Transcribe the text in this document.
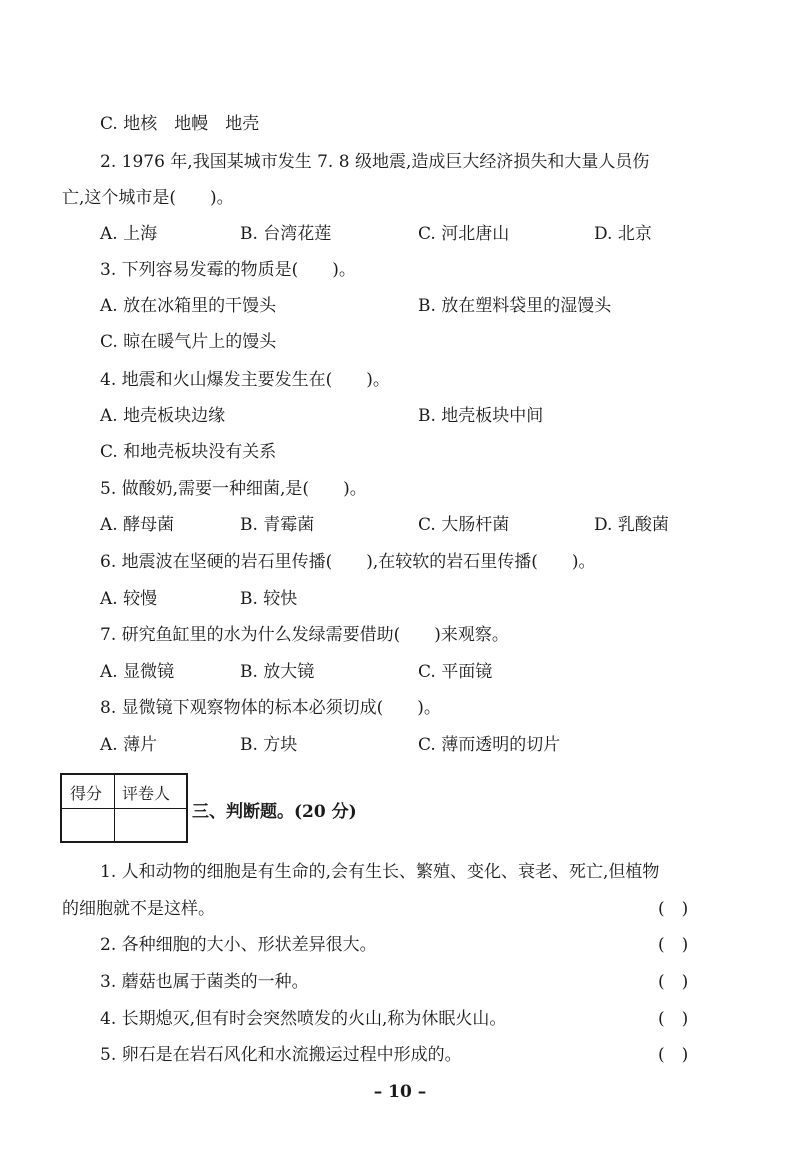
C. 地核　地幔　地壳
2. 1976 年,我国某城市发生 7. 8 级地震,造成巨大经济损失和大量人员伤
亡,这个城市是(　　)。
A. 上海	B. 台湾花莲	C. 河北唐山	D. 北京
3. 下列容易发霉的物质是(　　)。
A. 放在冰箱里的干馒头	B. 放在塑料袋里的湿馒头
C. 晾在暖气片上的馒头
4. 地震和火山爆发主要发生在(　　)。
A. 地壳板块边缘	B. 地壳板块中间
C. 和地壳板块没有关系
5. 做酸奶,需要一种细菌,是(　　)。
A. 酵母菌	B. 青霉菌	C. 大肠杆菌	D. 乳酸菌
6. 地震波在坚硬的岩石里传播(　　),在较软的岩石里传播(　　)。
A. 较慢	B. 较快
7. 研究鱼缸里的水为什么发绿需要借助(　　)来观察。
A. 显微镜	B. 放大镜	C. 平面镜
8. 显微镜下观察物体的标本必须切成(　　)。
A. 薄片	B. 方块	C. 薄而透明的切片
得分 评卷人
三、判断题。(20 分)
1. 人和动物的细胞是有生命的,会有生长、繁殖、变化、衰老、死亡,但植物
的细胞就不是这样。	(　)
2. 各种细胞的大小、形状差异很大。	(　)
3. 蘑菇也属于菌类的一种。	(　)
4. 长期熄灭,但有时会突然喷发的火山,称为休眠火山。	(　)
5. 卵石是在岩石风化和水流搬运过程中形成的。	(　)
– 10 –
